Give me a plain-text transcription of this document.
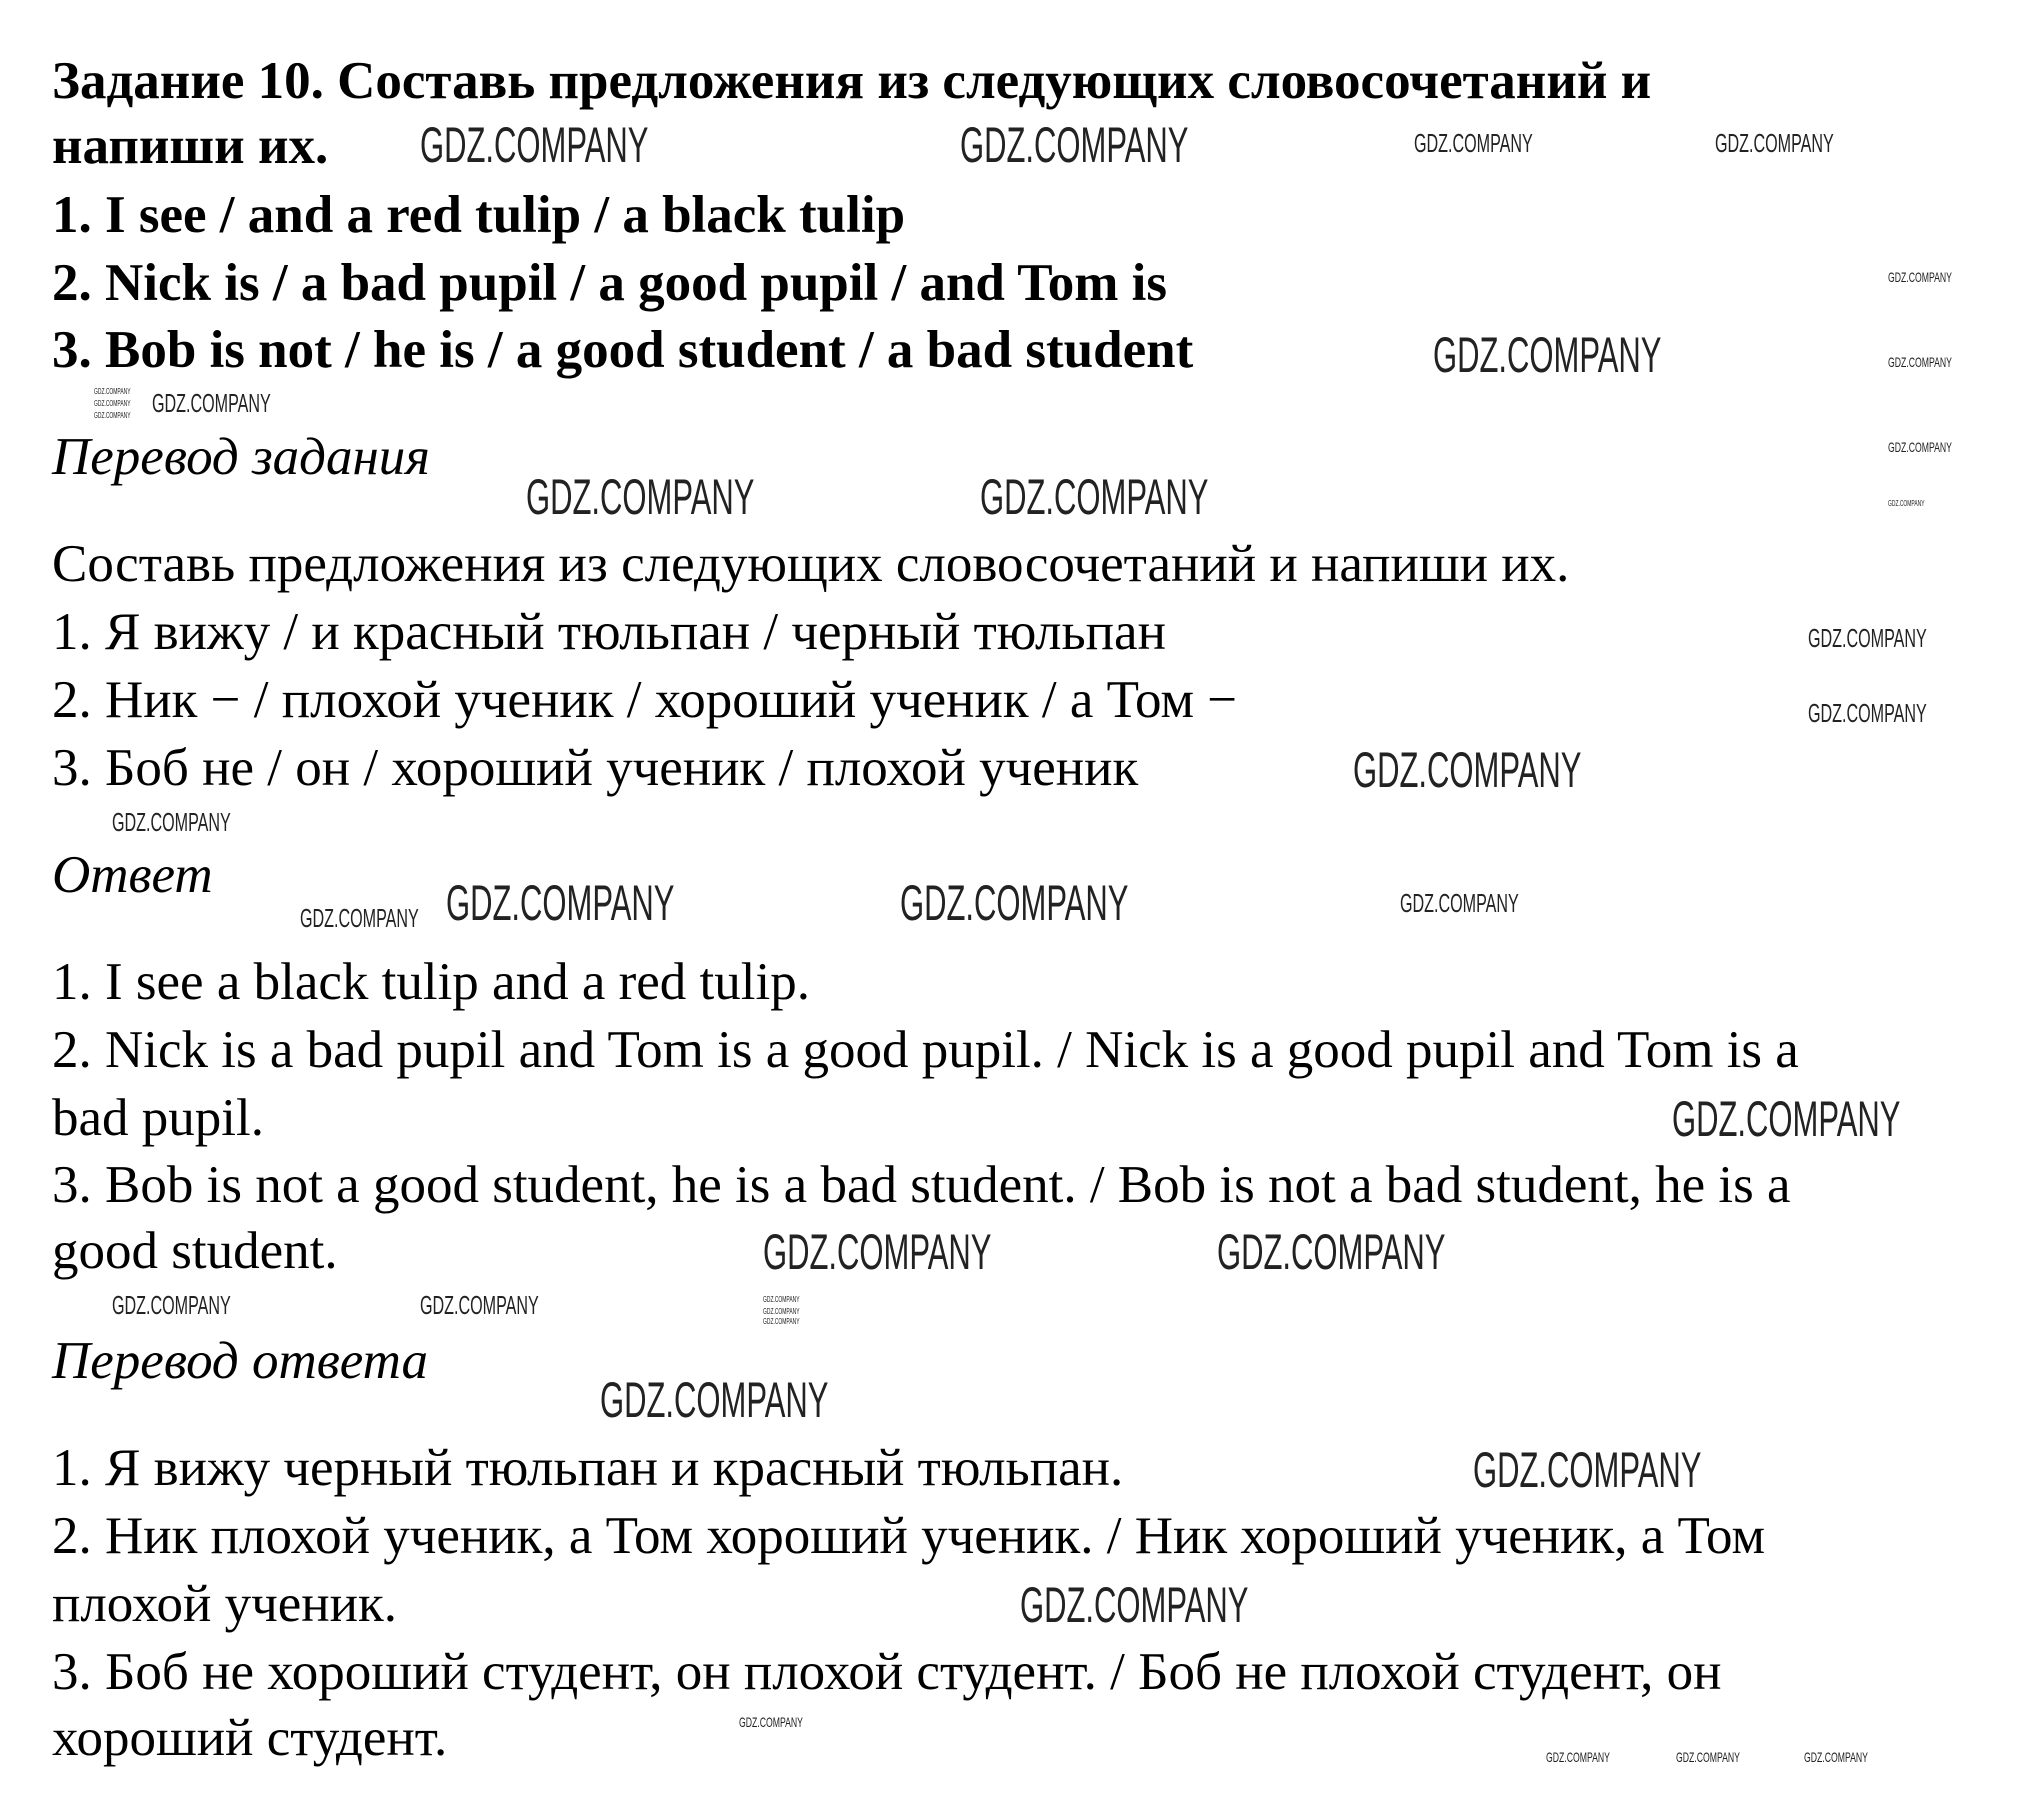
Задание 10. Составь предложения из следующих словосочетаний и
напиши их.
1. I see / and a red tulip / a black tulip
2. Nick is / a bad pupil / a good pupil / and Tom is
3. Bob is not / he is / a good student / a bad student
Перевод задания
Составь предложения из следующих словосочетаний и напиши их.
1. Я вижу / и красный тюльпан / черный тюльпан
2. Ник − / плохой ученик / хороший ученик / а Том −
3. Боб не / он / хороший ученик / плохой ученик
Ответ
1. I see a black tulip and a red tulip.
2. Nick is a bad pupil and Tom is a good pupil. / Nick is a good pupil and Tom is a
bad pupil.
3. Bob is not a good student, he is a bad student. / Bob is not a bad student, he is a
good student.
Перевод ответа
1. Я вижу черный тюльпан и красный тюльпан.
2. Ник плохой ученик, а Том хороший ученик. / Ник хороший ученик, а Том
плохой ученик.
3. Боб не хороший студент, он плохой студент. / Боб не плохой студент, он
хороший студент.
GDZ.COMPANY	GDZ.COMPANY
GDZ.COMPANY
GDZ.COMPANY	GDZ.COMPANY
GDZ.COMPANY
GDZ.COMPANY	GDZ.COMPANY
GDZ.COMPANY
GDZ.COMPANY	GDZ.COMPANY
GDZ.COMPANY
GDZ.COMPANY
GDZ.COMPANY
GDZ.COMPANY	GDZ.COMPANY
GDZ.COMPANY
GDZ.COMPANY
GDZ.COMPANY
GDZ.COMPANY
GDZ.COMPANY	GDZ.COMPANY
GDZ.COMPANY	GDZ.COMPANY
GDZ.COMPANY
GDZ.COMPANY
GDZ.COMPANY
GDZ.COMPANY	GDZ.COMPANY	GDZ.COMPANY
GDZ.COMPANY
GDZ.COMPANY
GDZ.COMPANY
GDZ.COMPANY
GDZ.COMPANY
GDZ.COMPANY
GDZ.COMPANY
GDZ.COMPANY
